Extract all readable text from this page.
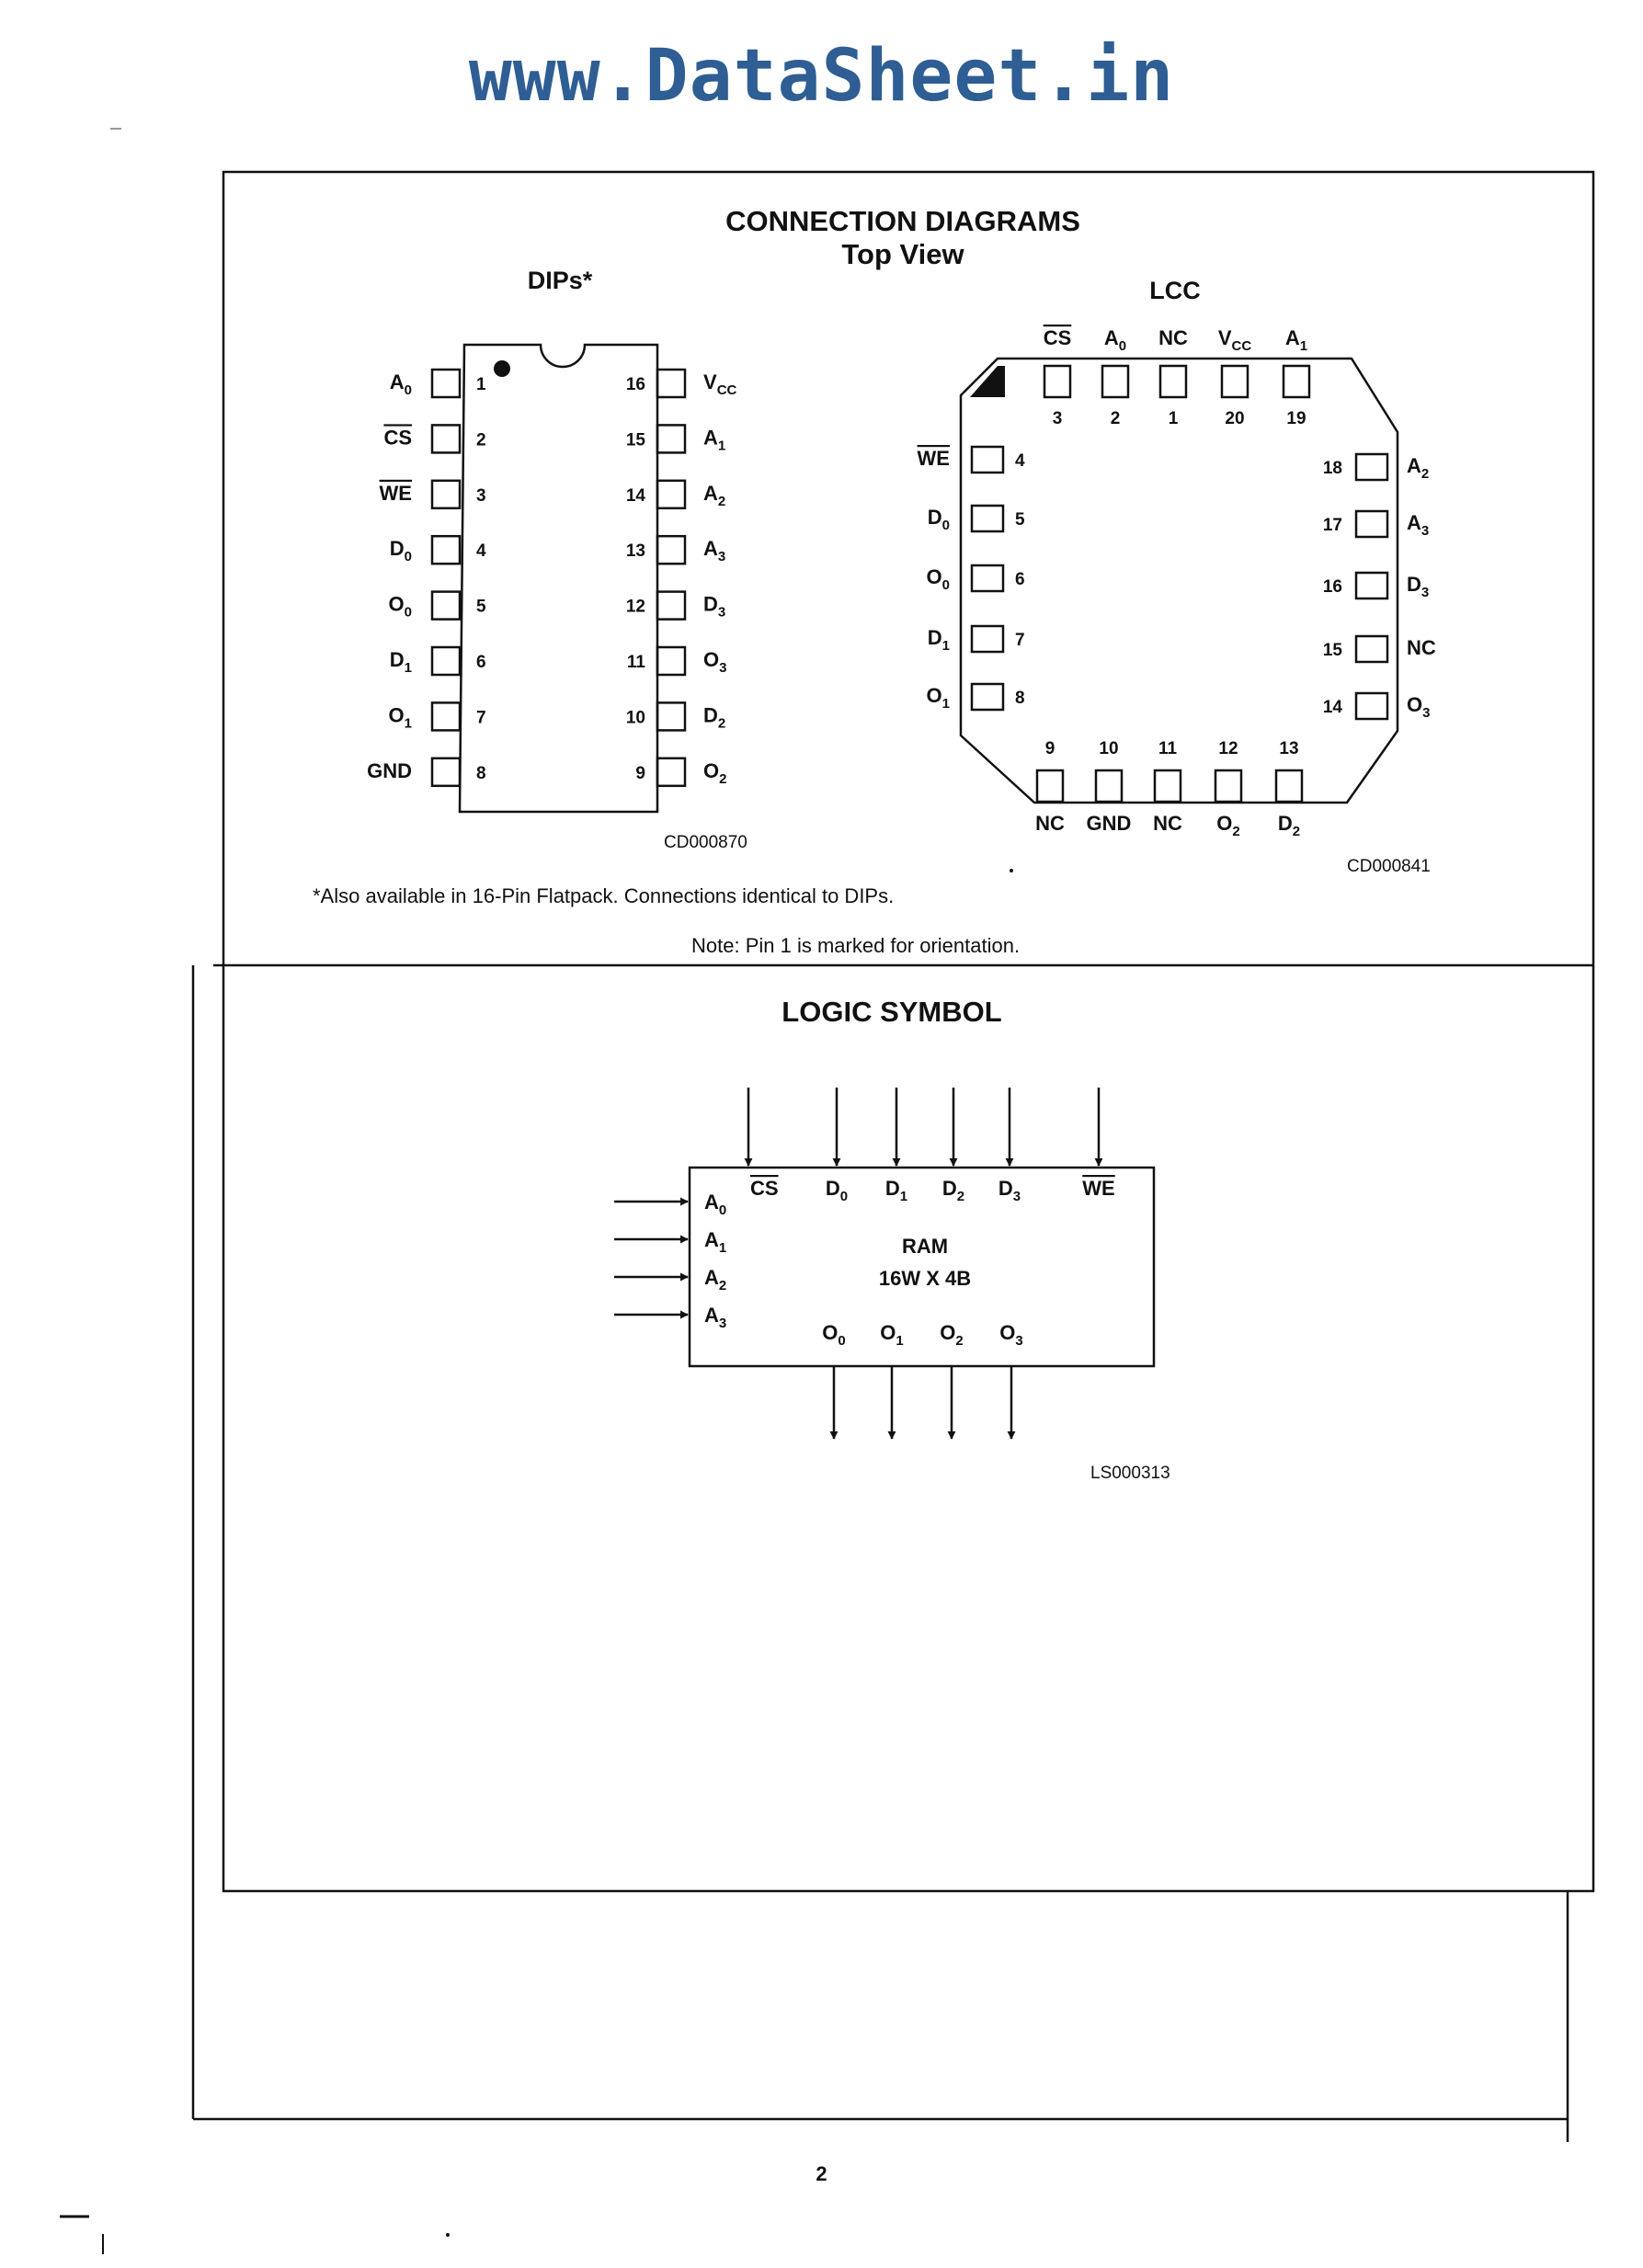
www.DataSheet.in
CONNECTION DIAGRAMS
Top View
DIPs*	LCC
1
$A_0$
2
CS
3
WE
4
$D_0$
5
$O_0$
6
$D_1$
7
$O_1$
8
GND
16	$V_{CC}$
15	$A_1$
14	$A_2$
13	$A_3$
12	$D_3$
11	$O_3$
10	$D_2$
9	$O_2$
CD000870
3
CS
2
$A_0$
1
NC
20
$V_{CC}$
19
$A_1$
4
WE
5
$D_0$
6
$O_0$
7
$D_1$
8
$O_1$
18	$A_2$
17	$A_3$
16	$D_3$
15	NC
14	$O_3$
9
NC
10
GND
11
NC
12
$O_2$
13
$D_2$
CD000841
*Also available in 16-Pin Flatpack. Connections identical to DIPs.
Note: Pin 1 is marked for orientation.
LOGIC SYMBOL
RAM
16W X 4B
CS $D_0$ $D_1$ $D_2$ $D_3$	WE
$A_0$
$A_1$
$A_2$
$A_3$	$O_0$ $O_1$ $O_2$ $O_3$
LS000313
2
